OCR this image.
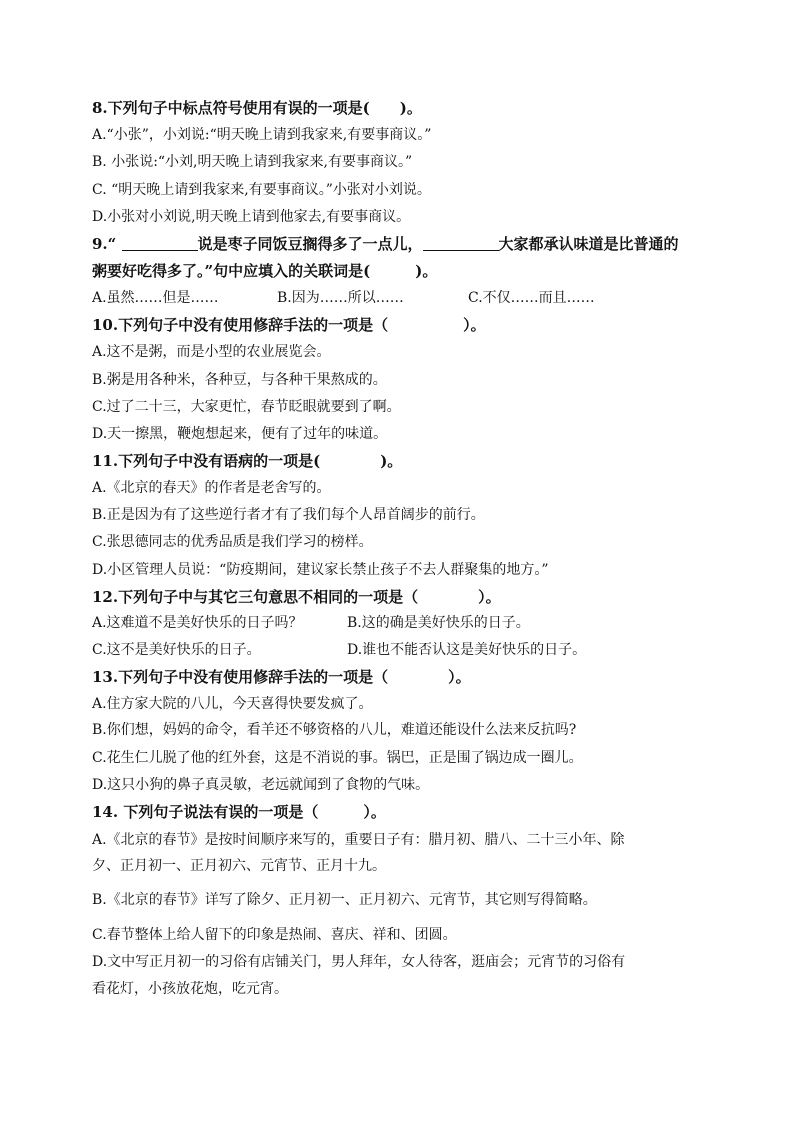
8.下列句子中标点符号使用有误的一项是(　　)。

A.“小张”，小刘说:“明天晚上请到我家来,有要事商议。”

B. 小张说:“小刘,明天晚上请到我家来,有要事商议。”

C. “明天晚上请到我家来,有要事商议。”小张对小刘说。

D.小张对小刘说,明天晚上请到他家去,有要事商议。

9.“	说是枣子同饭豆搁得多了一点儿，	大家都承认味道是比普通的

粥要好吃得多了。”句中应填入的关联词是(　　　)。

A.虽然……但是……	B.因为……所以……	C.不仅……而且……

10.下列句子中没有使用修辞手法的一项是（　　　　　）。

A.这不是粥，而是小型的农业展览会。

B.粥是用各种米，各种豆，与各种干果熬成的。

C.过了二十三，大家更忙，春节眨眼就要到了啊。

D.天一擦黑，鞭炮想起来，便有了过年的味道。

11.下列句子中没有语病的一项是(　　　　)。

A.《北京的春天》的作者是老舍写的。

B.正是因为有了这些逆行者才有了我们每个人昂首阔步的前行。

C.张思德同志的优秀品质是我们学习的榜样。

D.小区管理人员说：“防疫期间，建议家长禁止孩子不去人群聚集的地方。”

12.下列句子中与其它三句意思不相同的一项是（　　　　）。

A.这难道不是美好快乐的日子吗？	B.这的确是美好快乐的日子。
C.这不是美好快乐的日子。	D.谁也不能否认这是美好快乐的日子。

13.下列句子中没有使用修辞手法的一项是（　　　　）。

A.住方家大院的八儿，今天喜得快要发疯了。

B.你们想，妈妈的命令，看羊还不够资格的八儿，难道还能设什么法来反抗吗?

C.花生仁儿脱了他的红外套，这是不消说的事。锅巴，正是围了锅边成一圈儿。

D.这只小狗的鼻子真灵敏，老远就闻到了食物的气味。

14. 下列句子说法有误的一项是（　　　）。

A.《北京的春节》是按时间顺序来写的，重要日子有：腊月初、腊八、二十三小年、除

夕、正月初一、正月初六、元宵节、正月十九。

B.《北京的春节》详写了除夕、正月初一、正月初六、元宵节，其它则写得简略。

C.春节整体上给人留下的印象是热闹、喜庆、祥和、团圆。

D.文中写正月初一的习俗有店铺关门，男人拜年，女人待客，逛庙会；元宵节的习俗有

看花灯，小孩放花炮，吃元宵。
